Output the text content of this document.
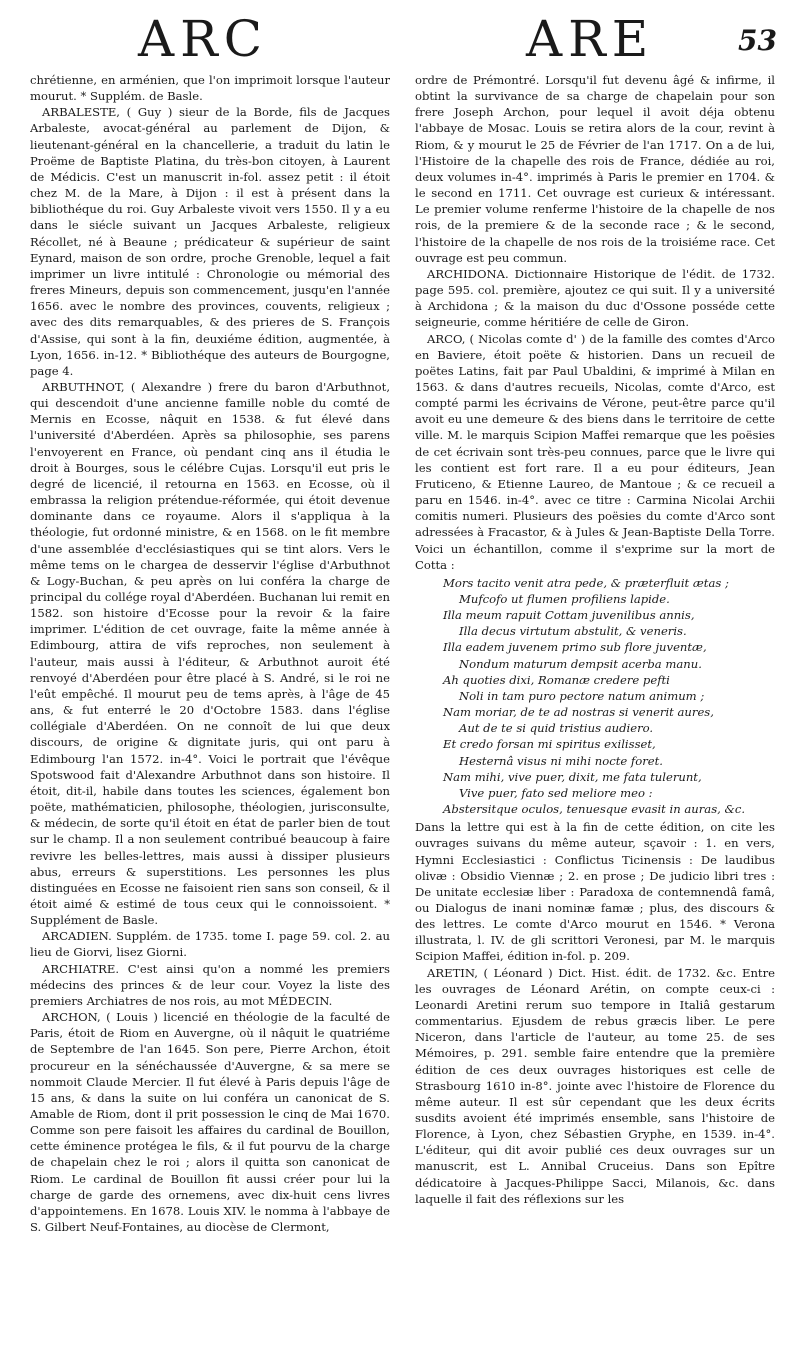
ARC	ARE	53

chrétienne, en arménien, que l'on imprimoit lorsque l'auteur mourut. * Supplém. de Basle.

ARBALESTE, ( Guy ) sieur de la Borde, fils de Jacques Arbaleste, avocat-général au parlement de Dijon, & lieutenant-général en la chancellerie, a traduit du latin le Proëme de Baptiste Platina, du très-bon citoyen, à Laurent de Médicis. C'est un manuscrit in-fol. assez petit : il étoit chez M. de la Mare, à Dijon : il est à présent dans la bibliothéque du roi. Guy Arbaleste vivoit vers 1550. Il y a eu dans le siécle suivant un Jacques Arbaleste, religieux Récollet, né à Beaune ; prédicateur & supérieur de saint Eynard, maison de son ordre, proche Grenoble, lequel a fait imprimer un livre intitulé : Chronologie ou mémorial des freres Mineurs, depuis son commencement, jusqu'en l'année 1656. avec le nombre des provinces, couvents, religieux ; avec des dits remarquables, & des prieres de S. François d'Assise, qui sont à la fin, deuxiéme édition, augmentée, à Lyon, 1656. in-12. * Bibliothéque des auteurs de Bourgogne, page 4.

ARBUTHNOT, ( Alexandre ) frere du baron d'Arbuthnot, qui descendoit d'une ancienne famille noble du comté de Mernis en Ecosse, nâquit en 1538. & fut élevé dans l'université d'Aberdéen. Après sa philosophie, ses parens l'envoyerent en France, où pendant cinq ans il étudia le droit à Bourges, sous le célébre Cujas. Lorsqu'il eut pris le degré de licencié, il retourna en 1563. en Ecosse, où il embrassa la religion prétendue-réformée, qui étoit devenue dominante dans ce royaume. Alors il s'appliqua à la théologie, fut ordonné ministre, & en 1568. on le fit membre d'une assemblée d'ecclésiastiques qui se tint alors. Vers le même tems on le chargea de desservir l'église d'Arbuthnot & Logy-Buchan, & peu après on lui conféra la charge de principal du collége royal d'Aberdéen. Buchanan lui remit en 1582. son histoire d'Ecosse pour la revoir & la faire imprimer. L'édition de cet ouvrage, faite la même année à Edimbourg, attira de vifs reproches, non seulement à l'auteur, mais aussi à l'éditeur, & Arbuthnot auroit été renvoyé d'Aberdéen pour être placé à S. André, si le roi ne l'eût empêché. Il mourut peu de tems après, à l'âge de 45 ans, & fut enterré le 20 d'Octobre 1583. dans l'église collégiale d'Aberdéen. On ne connoît de lui que deux discours, de origine & dignitate juris, qui ont paru à Edimbourg l'an 1572. in-4°. Voici le portrait que l'évêque Spotswood fait d'Alexandre Arbuthnot dans son histoire. Il étoit, dit-il, habile dans toutes les sciences, également bon poëte, mathématicien, philosophe, théologien, jurisconsulte, & médecin, de sorte qu'il étoit en état de parler bien de tout sur le champ. Il a non seulement contribué beaucoup à faire revivre les belles-lettres, mais aussi à dissiper plusieurs abus, erreurs & superstitions. Les personnes les plus distinguées en Ecosse ne faisoient rien sans son conseil, & il étoit aimé & estimé de tous ceux qui le connoissoient. * Supplément de Basle.

ARCADIEN. Supplém. de 1735. tome I. page 59. col. 2. au lieu de Giorvi, lisez Giorni.

ARCHIATRE. C'est ainsi qu'on a nommé les premiers médecins des princes & de leur cour. Voyez la liste des premiers Archiatres de nos rois, au mot MÉDECIN.

ARCHON, ( Louis ) licencié en théologie de la faculté de Paris, étoit de Riom en Auvergne, où il nâquit le quatriéme de Septembre de l'an 1645. Son pere, Pierre Archon, étoit procureur en la sénéchaussée d'Auvergne, & sa mere se nommoit Claude Mercier. Il fut élevé à Paris depuis l'âge de 15 ans, & dans la suite on lui conféra un canonicat de S. Amable de Riom, dont il prit possession le cinq de Mai 1670. Comme son pere faisoit les affaires du cardinal de Bouillon, cette éminence protégea le fils, & il fut pourvu de la charge de chapelain chez le roi ; alors il quitta son canonicat de Riom. Le cardinal de Bouillon fit aussi créer pour lui la charge de garde des ornemens, avec dix-huit cens livres d'appointemens. En 1678. Louis XIV. le nomma à l'abbaye de S. Gilbert Neuf-Fontaines, au diocèse de Clermont,

ordre de Prémontré. Lorsqu'il fut devenu âgé & infirme, il obtint la survivance de sa charge de chapelain pour son frere Joseph Archon, pour lequel il avoit déja obtenu l'abbaye de Mosac. Louis se retira alors de la cour, revint à Riom, & y mourut le 25 de Février de l'an 1717. On a de lui, l'Histoire de la chapelle des rois de France, dédiée au roi, deux volumes in-4°. imprimés à Paris le premier en 1704. & le second en 1711. Cet ouvrage est curieux & intéressant. Le premier volume renferme l'histoire de la chapelle de nos rois, de la premiere & de la seconde race ; & le second, l'histoire de la chapelle de nos rois de la troisiéme race. Cet ouvrage est peu commun.

ARCHIDONA. Dictionnaire Historique de l'édit. de 1732. page 595. col. première, ajoutez ce qui suit. Il y a université à Archidona ; & la maison du duc d'Ossone posséde cette seigneurie, comme héritiére de celle de Giron.

ARCO, ( Nicolas comte d' ) de la famille des comtes d'Arco en Baviere, étoit poëte & historien. Dans un recueil de poëtes Latins, fait par Paul Ubaldini, & imprimé à Milan en 1563. & dans d'autres recueils, Nicolas, comte d'Arco, est compté parmi les écrivains de Vérone, peut-être parce qu'il avoit eu une demeure & des biens dans le territoire de cette ville. M. le marquis Scipion Maffei remarque que les poësies de cet écrivain sont très-peu connues, parce que le livre qui les contient est fort rare. Il a eu pour éditeurs, Jean Fruticeno, & Etienne Laureo, de Mantoue ; & ce recueil a paru en 1546. in-4°. avec ce titre : Carmina Nicolai Archii comitis numeri. Plusieurs des poësies du comte d'Arco sont adressées à Fracastor, & à Jules & Jean-Baptiste Della Torre. Voici un échantillon, comme il s'exprime sur la mort de Cotta :

Mors tacito venit atra pede, & præterfluit ætas ;
Mufcofo ut flumen profiliens lapide.
Illa meum rapuit Cottam juvenilibus annis,
Illa decus virtutum abstulit, & veneris.
Illa eadem juvenem primo sub flore juventæ,
Nondum maturum dempsit acerba manu.
Ah quoties dixi, Romanæ credere pefti
Noli in tam puro pectore natum animum ;
Nam moriar, de te ad nostras si venerit aures,
Aut de te si quid tristius audiero.
Et credo forsan mi spiritus exilisset,
Hesternâ visus ni mihi nocte foret.
Nam mihi, vive puer, dixit, me fata tulerunt,
Vive puer, fato sed meliore meo :
Abstersitque oculos, tenuesque evasit in auras, &c.

Dans la lettre qui est à la fin de cette édition, on cite les ouvrages suivans du même auteur, sçavoir : 1. en vers, Hymni Ecclesiastici : Conflictus Ticinensis : De laudibus olivæ : Obsidio Viennæ ; 2. en prose ; De judicio libri tres : De unitate ecclesiæ liber : Paradoxa de contemnendâ famâ, ou Dialogus de inani nominæ famæ ; plus, des discours & des lettres. Le comte d'Arco mourut en 1546. * Verona illustrata, l. IV. de gli scrittori Veronesi, par M. le marquis Scipion Maffei, édition in-fol. p. 209.

ARETIN, ( Léonard ) Dict. Hist. édit. de 1732. &c. Entre les ouvrages de Léonard Arétin, on compte ceux-ci : Leonardi Aretini rerum suo tempore in Italiâ gestarum commentarius. Ejusdem de rebus græcis liber. Le pere Niceron, dans l'article de l'auteur, au tome 25. de ses Mémoires, p. 291. semble faire entendre que la première édition de ces deux ouvrages historiques est celle de Strasbourg 1610 in-8°. jointe avec l'histoire de Florence du même auteur. Il est sûr cependant que les deux écrits susdits avoient été imprimés ensemble, sans l'histoire de Florence, à Lyon, chez Sébastien Gryphe, en 1539. in-4°. L'éditeur, qui dit avoir publié ces deux ouvrages sur un manuscrit, est L. Annibal Cruceius. Dans son Epître dédicatoire à Jacques-Philippe Sacci, Milanois, &c. dans laquelle il fait des réflexions sur les
